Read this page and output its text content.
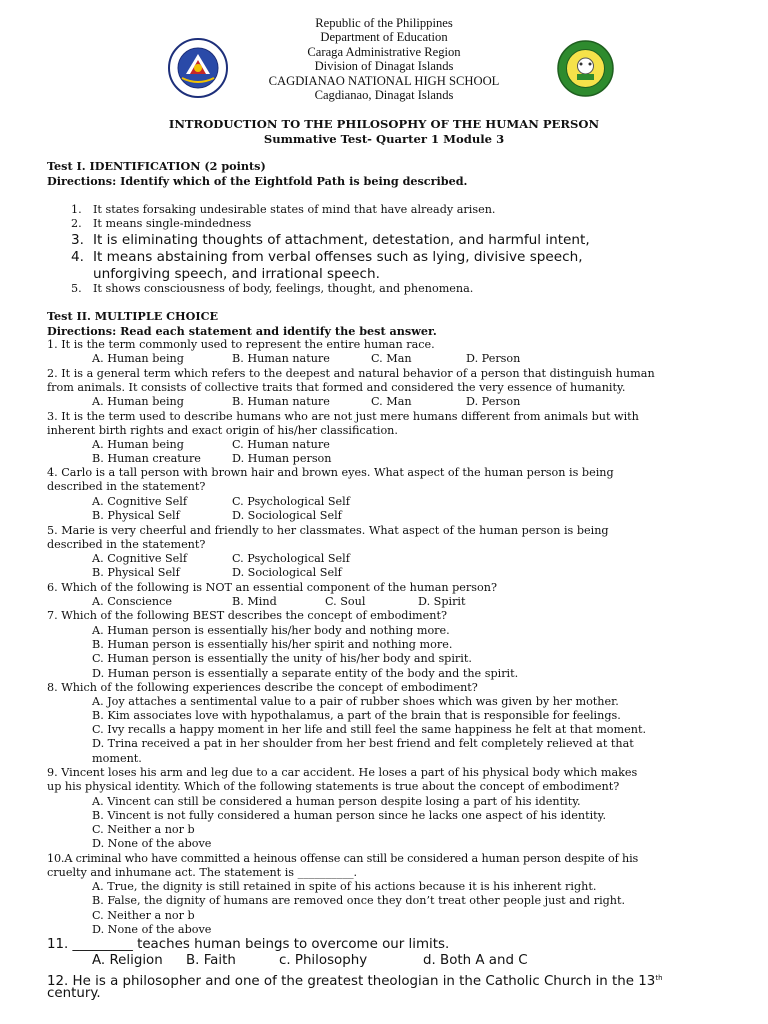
Republic of the Philippines
Department of Education
Caraga Administrative Region
Division of Dinagat Islands
CAGDIANAO NATIONAL HIGH SCHOOL
Cagdianao, Dinagat Islands
INTRODUCTION TO THE PHILOSOPHY OF THE HUMAN PERSON
Summative Test- Quarter 1 Module 3
Test I. IDENTIFICATION (2 points)
Directions: Identify which of the Eightfold Path is being described.
1. It states forsaking undesirable states of mind that have already arisen.
2. It means single-mindedness
3. It is eliminating thoughts of attachment, detestation, and harmful intent,
4. It means abstaining from verbal offenses such as lying, divisive speech,
unforgiving speech, and irrational speech.
5. It shows consciousness of body, feelings, thought, and phenomena.
Test II. MULTIPLE CHOICE
Directions: Read each statement and identify the best answer.
1. It is the term commonly used to represent the entire human race.
A. Human being	B. Human nature	C. Man	D. Person
2. It is a general term which refers to the deepest and natural behavior of a person that distinguish human
from animals. It consists of collective traits that formed and considered the very essence of humanity.
A. Human being	B. Human nature	C. Man	D. Person
3. It is the term used to describe humans who are not just mere humans different from animals but with
inherent birth rights and exact origin of his/her classification.
A. Human being	C. Human nature
B. Human creature	D. Human person
4. Carlo is a tall person with brown hair and brown eyes. What aspect of the human person is being
described in the statement?
A. Cognitive Self	C. Psychological Self
B. Physical Self	D. Sociological Self
5. Marie is very cheerful and friendly to her classmates. What aspect of the human person is being
described in the statement?
A. Cognitive Self	C. Psychological Self
B. Physical Self	D. Sociological Self
6. Which of the following is NOT an essential component of the human person?
A. Conscience	B. Mind	C. Soul	D. Spirit
7. Which of the following BEST describes the concept of embodiment?
A. Human person is essentially his/her body and nothing more.
B. Human person is essentially his/her spirit and nothing more.
C. Human person is essentially the unity of his/her body and spirit.
D. Human person is essentially a separate entity of the body and the spirit.
8. Which of the following experiences describe the concept of embodiment?
A. Joy attaches a sentimental value to a pair of rubber shoes which was given by her mother.
B. Kim associates love with hypothalamus, a part of the brain that is responsible for feelings.
C. Ivy recalls a happy moment in her life and still feel the same happiness he felt at that moment.
D. Trina received a pat in her shoulder from her best friend and felt completely relieved at that
moment.
9. Vincent loses his arm and leg due to a car accident. He loses a part of his physical body which makes
up his physical identity. Which of the following statements is true about the concept of embodiment?
A. Vincent can still be considered a human person despite losing a part of his identity.
B. Vincent is not fully considered a human person since he lacks one aspect of his identity.
C. Neither a nor b
D. None of the above
10.A criminal who have committed a heinous offense can still be considered a human person despite of his
cruelty and inhumane act. The statement is __________.
A. True, the dignity is still retained in spite of his actions because it is his inherent right.
B. False, the dignity of humans are removed once they don’t treat other people just and right.
C. Neither a nor b
D. None of the above
11. _________ teaches human beings to overcome our limits.
A. Religion B. Faith	c. Philosophy	d. Both A and C
12. He is a philosopher and one of the greatest theologian in the Catholic Church in the 13th
century.
